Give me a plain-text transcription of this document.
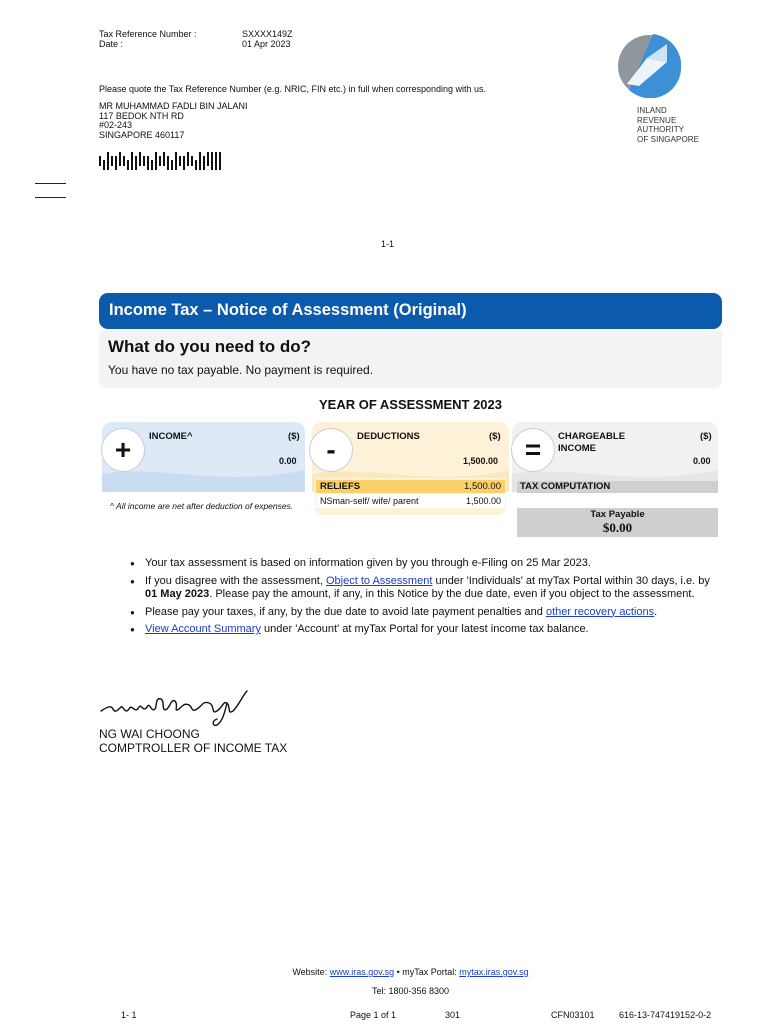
Tax Reference Number :	SXXXX149Z
Date :	01 Apr 2023
Please quote the Tax Reference Number (e.g. NRIC, FIN etc.) in full when corresponding with us.
MR MUHAMMAD FADLI BIN JALANI
117 BEDOK NTH RD
#02-243
SINGAPORE 460117
INLAND REVENUE
AUTHORITY
OF SINGAPORE
1-1
Income Tax – Notice of Assessment (Original)
What do you need to do?

You have no tax payable. No payment is required.

YEAR OF ASSESSMENT 2023
+	-	=
INCOME^	($)
0.00
DEDUCTIONS	($)
1,500.00
CHARGEABLE
INCOME
($)
0.00
RELIEFS	1,500.00
NSman-self/ wife/ parent	1,500.00
^ All income are net after deduction of expenses.
TAX COMPUTATION
Tax Payable
$0.00
● Your tax assessment is based on information given by you through e-Filing on 25 Mar 2023.
● If you disagree with the assessment, Object to Assessment under 'Individuals' at myTax Portal within 30 days, i.e. by 01 May 2023. Please pay the amount, if any, in this Notice by the due date, even if you object to the assessment.
● Please pay your taxes, if any, by the due date to avoid late payment penalties and other recovery actions.
● View Account Summary under 'Account' at myTax Portal for your latest income tax balance.
NG WAI CHOONG
COMPTROLLER OF INCOME TAX
Website: www.iras.gov.sg • myTax Portal: mytax.iras.gov.sg
Tel: 1800-356 8300
1- 1	Page 1 of 1	301	CFN03101	616-13-747419152-0-2
